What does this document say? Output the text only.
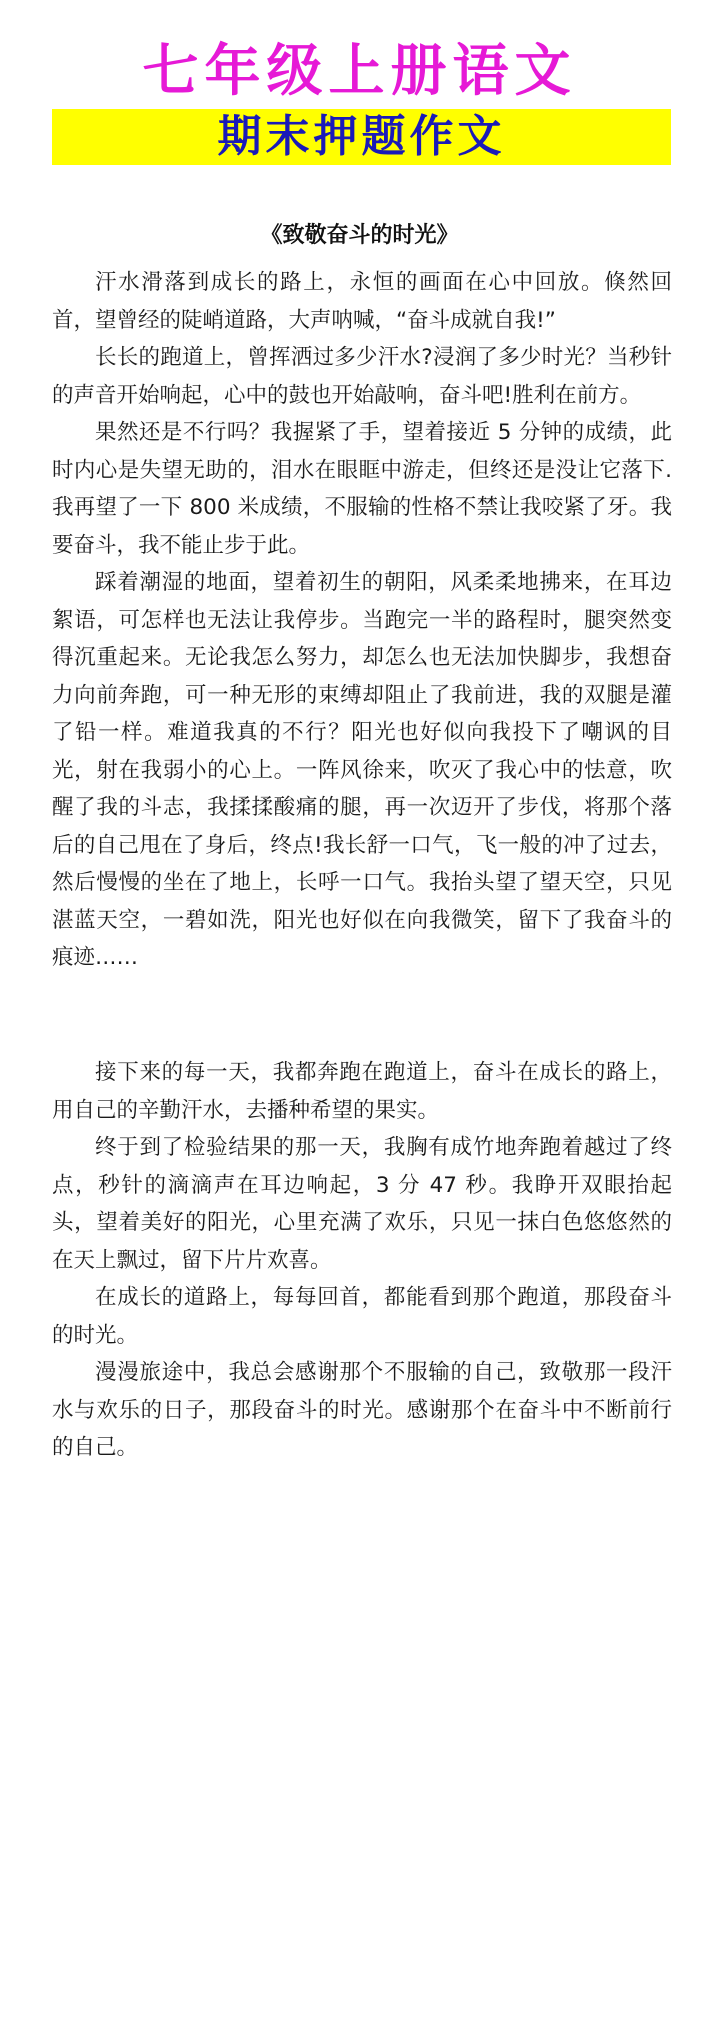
七年级上册语文
期末押题作文
《致敬奋斗的时光》

汗水滑落到成长的路上，永恒的画面在心中回放。倏然回首，望曾经的陡峭道路，大声呐喊，“奋斗成就自我!”

长长的跑道上，曾挥洒过多少汗水?浸润了多少时光？当秒针的声音开始响起，心中的鼓也开始敲响，奋斗吧!胜利在前方。

果然还是不行吗？我握紧了手，望着接近 5 分钟的成绩，此时内心是失望无助的，泪水在眼眶中游走，但终还是没让它落下.我再望了一下 800 米成绩，不服输的性格不禁让我咬紧了牙。我要奋斗，我不能止步于此。

踩着潮湿的地面，望着初生的朝阳，风柔柔地拂来，在耳边絮语，可怎样也无法让我停步。当跑完一半的路程时，腿突然变得沉重起来。无论我怎么努力，却怎么也无法加快脚步，我想奋力向前奔跑，可一种无形的束缚却阻止了我前进，我的双腿是灌了铅一样。难道我真的不行？阳光也好似向我投下了嘲讽的目光，射在我弱小的心上。一阵风徐来，吹灭了我心中的怯意，吹醒了我的斗志，我揉揉酸痛的腿，再一次迈开了步伐，将那个落后的自己甩在了身后，终点!我长舒一口气，飞一般的冲了过去，然后慢慢的坐在了地上，长呼一口气。我抬头望了望天空，只见湛蓝天空，一碧如洗，阳光也好似在向我微笑，留下了我奋斗的痕迹……

接下来的每一天，我都奔跑在跑道上，奋斗在成长的路上，用自己的辛勤汗水，去播种希望的果实。

终于到了检验结果的那一天，我胸有成竹地奔跑着越过了终点，秒针的滴滴声在耳边响起，3 分 47 秒。我睁开双眼抬起头，望着美好的阳光，心里充满了欢乐，只见一抹白色悠悠然的在天上飘过，留下片片欢喜。

在成长的道路上，每每回首，都能看到那个跑道，那段奋斗的时光。

漫漫旅途中，我总会感谢那个不服输的自己，致敬那一段汗水与欢乐的日子，那段奋斗的时光。感谢那个在奋斗中不断前行的自己。
